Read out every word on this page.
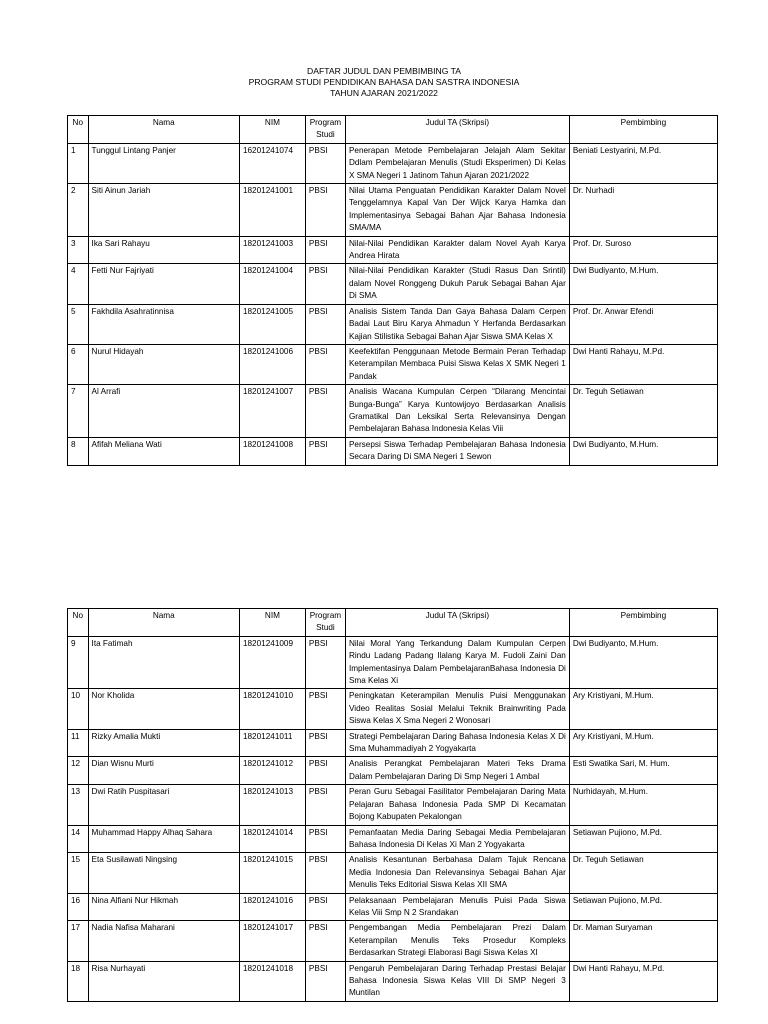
DAFTAR JUDUL DAN PEMBIMBING TA
PROGRAM STUDI PENDIDIKAN BAHASA DAN SASTRA INDONESIA
TAHUN AJARAN 2021/2022
No	Nama	NIM	Program Studi	Judul TA (Skripsi)	Pembimbing
1	Tunggul Lintang Panjer	16201241074	PBSI	Penerapan Metode Pembelajaran Jelajah Alam Sekitar Ddlam Pembelajaran Menulis (Studi Eksperimen) Di Kelas X SMA Negeri 1 Jatinom Tahun Ajaran 2021/2022	Beniati Lestyarini, M.Pd.
2	Siti Ainun Jariah	18201241001	PBSI	Nilai Utama Penguatan Pendidikan Karakter Dalam Novel Tenggelamnya Kapal Van Der Wijck Karya Hamka dan Implementasinya Sebagai Bahan Ajar Bahasa Indonesia SMA/MA	Dr. Nurhadi
3	Ika Sari Rahayu	18201241003	PBSI	Nilai-Nilai Pendidikan Karakter dalam Novel Ayah Karya Andrea Hirata	Prof. Dr. Suroso
4	Fetti Nur Fajriyati	18201241004	PBSI	Nilai-Nilai Pendidikan Karakter (Studi Rasus Dan Srintil) dalam Novel Ronggeng Dukuh Paruk Sebagai Bahan Ajar Di SMA	Dwi Budiyanto, M.Hum.
5	Fakhdila Asahratinnisa	18201241005	PBSI	Analisis Sistem Tanda Dan Gaya Bahasa Dalam Cerpen Badai Laut Biru Karya Ahmadun Y Herfanda Berdasarkan Kajian Stilistika Sebagai Bahan Ajar Siswa SMA Kelas X	Prof. Dr. Anwar Efendi
6	Nurul Hidayah	18201241006	PBSI	Keefektifan Penggunaan Metode Bermain Peran Terhadap Keterampilan Membaca Puisi Siswa Kelas X SMK Negeri 1 Pandak	Dwi Hanti Rahayu, M.Pd.
7	Al Arrafi	18201241007	PBSI	Analisis Wacana Kumpulan Cerpen “Dilarang Mencintai Bunga-Bunga” Karya Kuntowijoyo Berdasarkan Analisis Gramatikal Dan Leksikal Serta Relevansinya Dengan Pembelajaran Bahasa Indonesia Kelas Viii	Dr. Teguh Setiawan
8	Afifah Meliana Wati	18201241008	PBSI	Persepsi Siswa Terhadap Pembelajaran Bahasa Indonesia Secara Daring Di SMA Negeri 1 Sewon	Dwi Budiyanto, M.Hum.
No	Nama	NIM	Program Studi	Judul TA (Skripsi)	Pembimbing
9	Ita Fatimah	18201241009	PBSI	Nilai Moral Yang Terkandung Dalam Kumpulan Cerpen Rindu Ladang Padang Ilalang Karya M. Fudoli Zaini Dan Implementasinya Dalam PembelajaranBahasa Indonesia Di Sma Kelas Xi	Dwi Budiyanto, M.Hum.
10	Nor Kholida	18201241010	PBSI	Peningkatan Keterampilan Menulis Puisi Menggunakan Video Realitas Sosial Melalui Teknik Brainwriting Pada Siswa Kelas X Sma Negeri 2 Wonosari	Ary Kristiyani, M.Hum.
11	Rizky Amalia Mukti	18201241011	PBSI	Strategi Pembelajaran Daring Bahasa Indonesia Kelas X Di Sma Muhammadiyah 2 Yogyakarta	Ary Kristiyani, M.Hum.
12	Dian Wisnu Murti	18201241012	PBSI	Analisis Perangkat Pembelajaran Materi Teks Drama Dalam Pembelajaran Daring Di Smp Negeri 1 Ambal	Esti Swatika Sari, M. Hum.
13	Dwi Ratih Puspitasari	18201241013	PBSI	Peran Guru Sebagai Fasilitator Pembelajaran Daring Mata Pelajaran Bahasa Indonesia Pada SMP Di Kecamatan Bojong Kabupaten Pekalongan	Nurhidayah, M.Hum.
14	Muhammad Happy Alhaq Sahara	18201241014	PBSI	Pemanfaatan Media Daring Sebagai Media Pembelajaran Bahasa Indonesia Di Kelas Xi Man 2 Yogyakarta	Setiawan Pujiono, M.Pd.
15	Eta Susilawati Ningsing	18201241015	PBSI	Analisis Kesantunan Berbahasa Dalam Tajuk Rencana Media Indonesia Dan Relevansinya Sebagai Bahan Ajar Menulis Teks Editorial Siswa Kelas XII SMA	Dr. Teguh Setiawan
16	Nina Alfiani Nur Hikmah	18201241016	PBSI	Pelaksanaan Pembelajaran Menulis Puisi Pada Siswa Kelas Viii Smp N 2 Srandakan	Setiawan Pujiono, M.Pd.
17	Nadia Nafisa Maharani	18201241017	PBSI	Pengembangan Media Pembelajaran Prezi Dalam Keterampilan Menulis Teks Prosedur Kompleks Berdasarkan Strategi Elaborasi Bagi Siswa Kelas XI	Dr. Maman Suryaman
18	Risa Nurhayati	18201241018	PBSI	Pengaruh Pembelajaran Daring Terhadap Prestasi Belajar Bahasa Indonesia Siswa Kelas VIII Di SMP Negeri 3 Muntilan	Dwi Hanti Rahayu, M.Pd.
